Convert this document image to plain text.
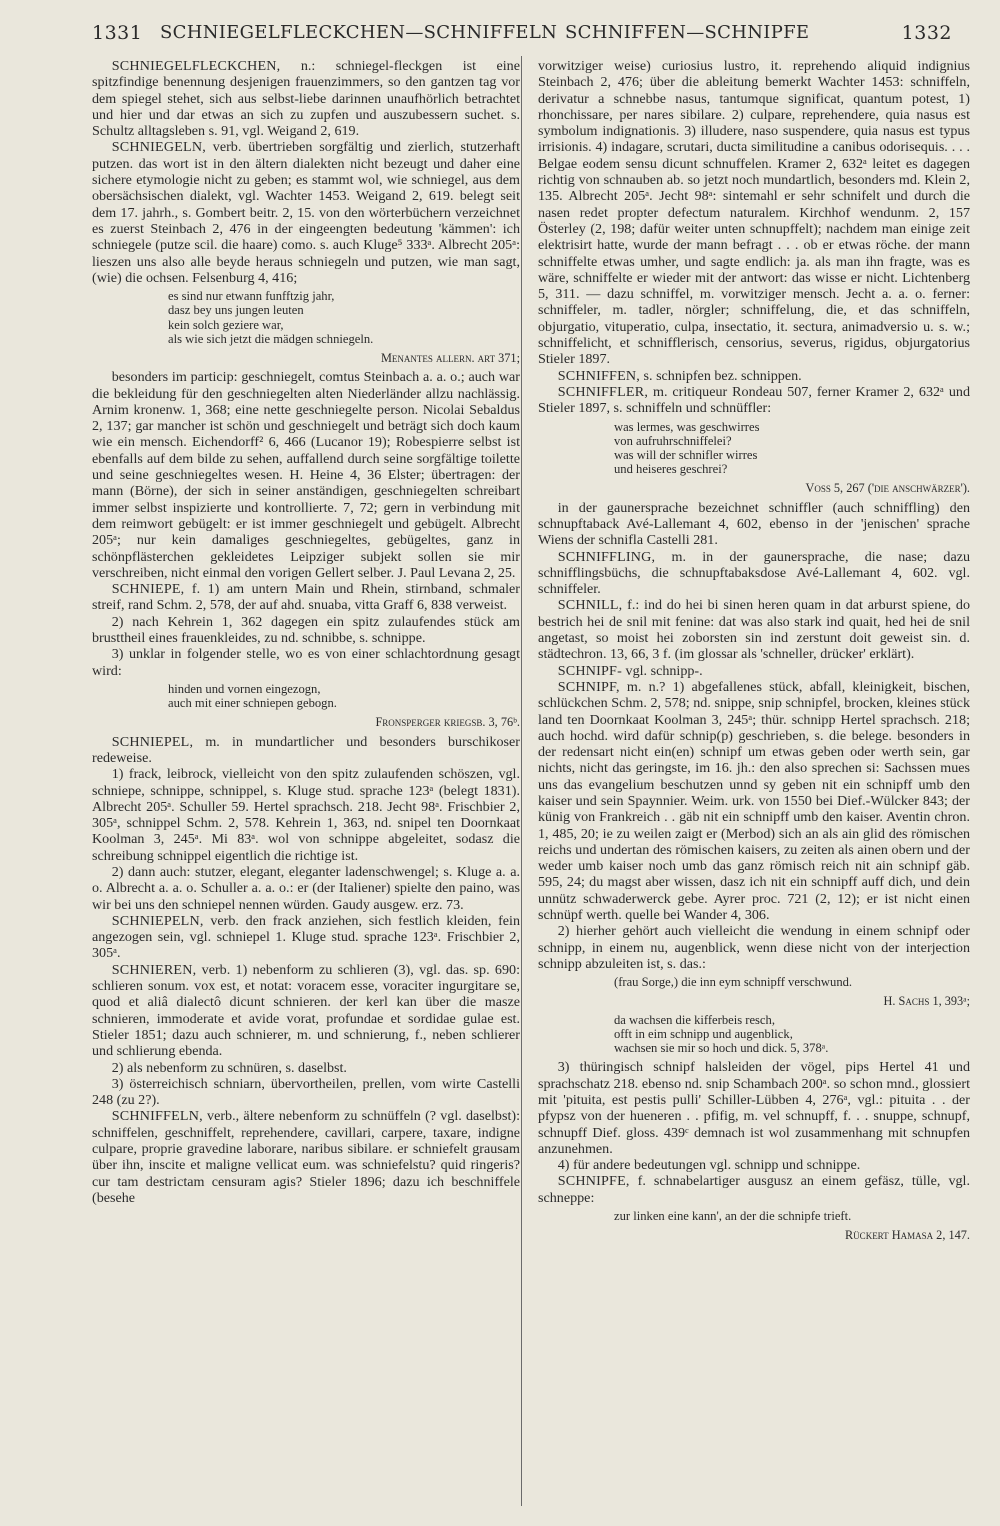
1331 SCHNIEGELFLECKCHEN—SCHNIFFELN SCHNIFFEN—SCHNIPFE	1332

SCHNIEGELFLECKCHEN, n.: schniegel-fleckgen ist eine spitzfindige benennung desjenigen frauenzimmers, so den gantzen tag vor dem spiegel stehet, sich aus selbst-liebe darinnen unaufhörlich betrachtet und hier und dar etwas an sich zu zupfen und auszubessern suchet. s. Schultz alltagsleben s. 91, vgl. Weigand 2, 619.

SCHNIEGELN, verb. übertrieben sorgfältig und zierlich, stutzerhaft putzen. das wort ist in den ältern dialekten nicht bezeugt und daher eine sichere etymologie nicht zu geben; es stammt wol, wie schniegel, aus dem obersächsischen dialekt, vgl. Wachter 1453. Weigand 2, 619. belegt seit dem 17. jahrh., s. Gombert beitr. 2, 15. von den wörterbüchern verzeichnet es zuerst Steinbach 2, 476 in der eingeengten bedeutung 'kämmen': ich schniegele (putze scil. die haare) como. s. auch Kluge⁵ 333ᵃ. Albrecht 205ᵃ: lieszen uns also alle beyde heraus schniegeln und putzen, wie man sagt, (wie) die ochsen. Felsenburg 4, 416;

es sind nur etwann funfftzig jahr,
dasz bey uns jungen leuten
kein solch geziere war,
als wie sich jetzt die mädgen schniegeln.
Menantes allern. art 371;

besonders im particip: geschniegelt, comtus Steinbach a. a. o.; auch war die bekleidung für den geschniegelten alten Niederländer allzu nachlässig. Arnim kronenw. 1, 368; eine nette geschniegelte person. Nicolai Sebaldus 2, 137; gar mancher ist schön und geschniegelt und beträgt sich doch kaum wie ein mensch. Eichendorff² 6, 466 (Lucanor 19); Robespierre selbst ist ebenfalls auf dem bilde zu sehen, auffallend durch seine sorgfältige toilette und seine geschniegeltes wesen. H. Heine 4, 36 Elster; übertragen: der mann (Börne), der sich in seiner anständigen, geschniegelten schreibart immer selbst inspizierte und kontrollierte. 7, 72; gern in verbindung mit dem reimwort gebügelt: er ist immer geschniegelt und gebügelt. Albrecht 205ᵃ; nur kein damaliges geschniegeltes, gebügeltes, ganz in schönpflästerchen gekleidetes Leipziger subjekt sollen sie mir verschreiben, nicht einmal den vorigen Gellert selber. J. Paul Levana 2, 25.

SCHNIEPE, f. 1) am untern Main und Rhein, stirnband, schmaler streif, rand Schm. 2, 578, der auf ahd. snuaba, vitta Graff 6, 838 verweist.

2) nach Kehrein 1, 362 dagegen ein spitz zulaufendes stück am brusttheil eines frauenkleides, zu nd. schnibbe, s. schnippe.

3) unklar in folgender stelle, wo es von einer schlachtordnung gesagt wird:

hinden und vornen eingezogn,
auch mit einer schniepen gebogn.
Fronsperger kriegsb. 3, 76ᵇ.

SCHNIEPEL, m. in mundartlicher und besonders burschikoser redeweise.

1) frack, leibrock, vielleicht von den spitz zulaufenden schöszen, vgl. schniepe, schnippe, schnippel, s. Kluge stud. sprache 123ᵃ (belegt 1831). Albrecht 205ᵃ. Schuller 59. Hertel sprachsch. 218. Jecht 98ᵃ. Frischbier 2, 305ᵃ, schnippel Schm. 2, 578. Kehrein 1, 363, nd. snipel ten Doornkaat Koolman 3, 245ᵃ. Mi 83ᵃ. wol von schnippe abgeleitet, sodasz die schreibung schnippel eigentlich die richtige ist.

2) dann auch: stutzer, elegant, eleganter ladenschwengel; s. Kluge a. a. o. Albrecht a. a. o. Schuller a. a. o.: er (der Italiener) spielte den paino, was wir bei uns den schniepel nennen würden. Gaudy ausgew. erz. 73.

SCHNIEPELN, verb. den frack anziehen, sich festlich kleiden, fein angezogen sein, vgl. schniepel 1. Kluge stud. sprache 123ᵃ. Frischbier 2, 305ᵃ.

SCHNIEREN, verb. 1) nebenform zu schlieren (3), vgl. das. sp. 690: schlieren sonum. vox est, et notat: voracem esse, voraciter ingurgitare se, quod et aliâ dialectô dicunt schnieren. der kerl kan über die masze schnieren, immoderate et avide vorat, profundae et sordidae gulae est. Stieler 1851; dazu auch schnierer, m. und schnierung, f., neben schlierer und schlierung ebenda.

2) als nebenform zu schnüren, s. daselbst.

3) österreichisch schniarn, übervortheilen, prellen, vom wirte Castelli 248 (zu 2?).

SCHNIFFELN, verb., ältere nebenform zu schnüffeln (? vgl. daselbst): schniffelen, geschniffelt, reprehendere, cavillari, carpere, taxare, indigne culpare, proprie gravedine laborare, naribus sibilare. er schniefelt grausam über ihn, inscite et maligne vellicat eum. was schniefelstu? quid ringeris? cur tam destrictam censuram agis? Stieler 1896; dazu ich beschniffele (besehe

vorwitziger weise) curiosius lustro, it. reprehendo aliquid indignius Steinbach 2, 476; über die ableitung bemerkt Wachter 1453: schniffeln, derivatur a schnebbe nasus, tantumque significat, quantum potest, 1) rhonchissare, per nares sibilare. 2) culpare, reprehendere, quia nasus est symbolum indignationis. 3) illudere, naso suspendere, quia nasus est typus irrisionis. 4) indagare, scrutari, ducta similitudine a canibus odorisequis. . . . Belgae eodem sensu dicunt schnuffelen. Kramer 2, 632ᵃ leitet es dagegen richtig von schnauben ab. so jetzt noch mundartlich, besonders md. Klein 2, 135. Albrecht 205ᵃ. Jecht 98ᵃ: sintemahl er sehr schnifelt und durch die nasen redet propter defectum naturalem. Kirchhof wendunm. 2, 157 Österley (2, 198; dafür weiter unten schnupffelt); nachdem man einige zeit elektrisirt hatte, wurde der mann befragt . . . ob er etwas röche. der mann schniffelte etwas umher, und sagte endlich: ja. als man ihn fragte, was es wäre, schniffelte er wieder mit der antwort: das wisse er nicht. Lichtenberg 5, 311. — dazu schniffel, m. vorwitziger mensch. Jecht a. a. o. ferner: schniffeler, m. tadler, nörgler; schniffelung, die, et das schniffeln, objurgatio, vituperatio, culpa, insectatio, it. sectura, animadversio u. s. w.; schniffelicht, et schnifflerisch, censorius, severus, rigidus, objurgatorius Stieler 1897.

SCHNIFFEN, s. schnipfen bez. schnippen.

SCHNIFFLER, m. critiqueur Rondeau 507, ferner Kramer 2, 632ᵃ und Stieler 1897, s. schniffeln und schnüffler:

was lermes, was geschwirres
von aufruhrschniffelei?
was will der schnifler wirres
und heiseres geschrei?
Voss 5, 267 ('die anschwärzer').

in der gaunersprache bezeichnet schniffler (auch schniffling) den schnupftaback Avé-Lallemant 4, 602, ebenso in der 'jenischen' sprache Wiens der schnifla Castelli 281.

SCHNIFFLING, m. in der gaunersprache, die nase; dazu schnifflingsbüchs, die schnupftabaksdose Avé-Lallemant 4, 602. vgl. schniffeler.

SCHNILL, f.: ind do hei bi sinen heren quam in dat arburst spiene, do bestrich hei de snil mit fenine: dat was also stark ind quait, hed hei de snil angetast, so moist hei zoborsten sin ind zerstunt doit geweist sin. d. städtechron. 13, 66, 3 f. (im glossar als 'schneller, drücker' erklärt).

SCHNIPF- vgl. schnipp-.

SCHNIPF, m. n.? 1) abgefallenes stück, abfall, kleinigkeit, bischen, schlückchen Schm. 2, 578; nd. snippe, snip schnipfel, brocken, kleines stück land ten Doornkaat Koolman 3, 245ᵃ; thür. schnipp Hertel sprachsch. 218; auch hochd. wird dafür schnip(p) geschrieben, s. die belege. besonders in der redensart nicht ein(en) schnipf um etwas geben oder werth sein, gar nichts, nicht das geringste, im 16. jh.: den also sprechen si: Sachssen mues uns das evangelium beschutzen unnd sy geben nit ein schnipff umb den kaiser und sein Spaynnier. Weim. urk. von 1550 bei Dief.-Wülcker 843; der künig von Frankreich . . gäb nit ein schnipff umb den kaiser. Aventin chron. 1, 485, 20; ie zu weilen zaigt er (Merbod) sich an als ain glid des römischen reichs und undertan des römischen kaisers, zu zeiten als ainen obern und der weder umb kaiser noch umb das ganz römisch reich nit ain schnipf gäb. 595, 24; du magst aber wissen, dasz ich nit ein schnipff auff dich, und dein unnütz schwaderwerck gebe. Ayrer proc. 721 (2, 12); er ist nicht einen schnüpf werth. quelle bei Wander 4, 306.

2) hierher gehört auch vielleicht die wendung in einem schnipf oder schnipp, in einem nu, augenblick, wenn diese nicht von der interjection schnipp abzuleiten ist, s. das.:

(frau Sorge,) die inn eym schnipff verschwund.
H. Sachs 1, 393ᵃ;
da wachsen die kifferbeis resch,
offt in eim schnipp und augenblick,
wachsen sie mir so hoch und dick. 5, 378ᵃ.

3) thüringisch schnipf halsleiden der vögel, pips Hertel 41 und sprachschatz 218. ebenso nd. snip Schambach 200ᵃ. so schon mnd., glossiert mit 'pituita, est pestis pulli' Schiller-Lübben 4, 276ᵃ, vgl.: pituita . . der pfypsz von der hueneren . . pfifig, m. vel schnupff, f. . . snuppe, schnupf, schnupff Dief. gloss. 439ᶜ demnach ist wol zusammenhang mit schnupfen anzunehmen.

4) für andere bedeutungen vgl. schnipp und schnippe.

SCHNIPFE, f. schnabelartiger ausgusz an einem gefäsz, tülle, vgl. schneppe:

zur linken eine kann', an der die schnipfe trieft.
Rückert Hamasa 2, 147.
